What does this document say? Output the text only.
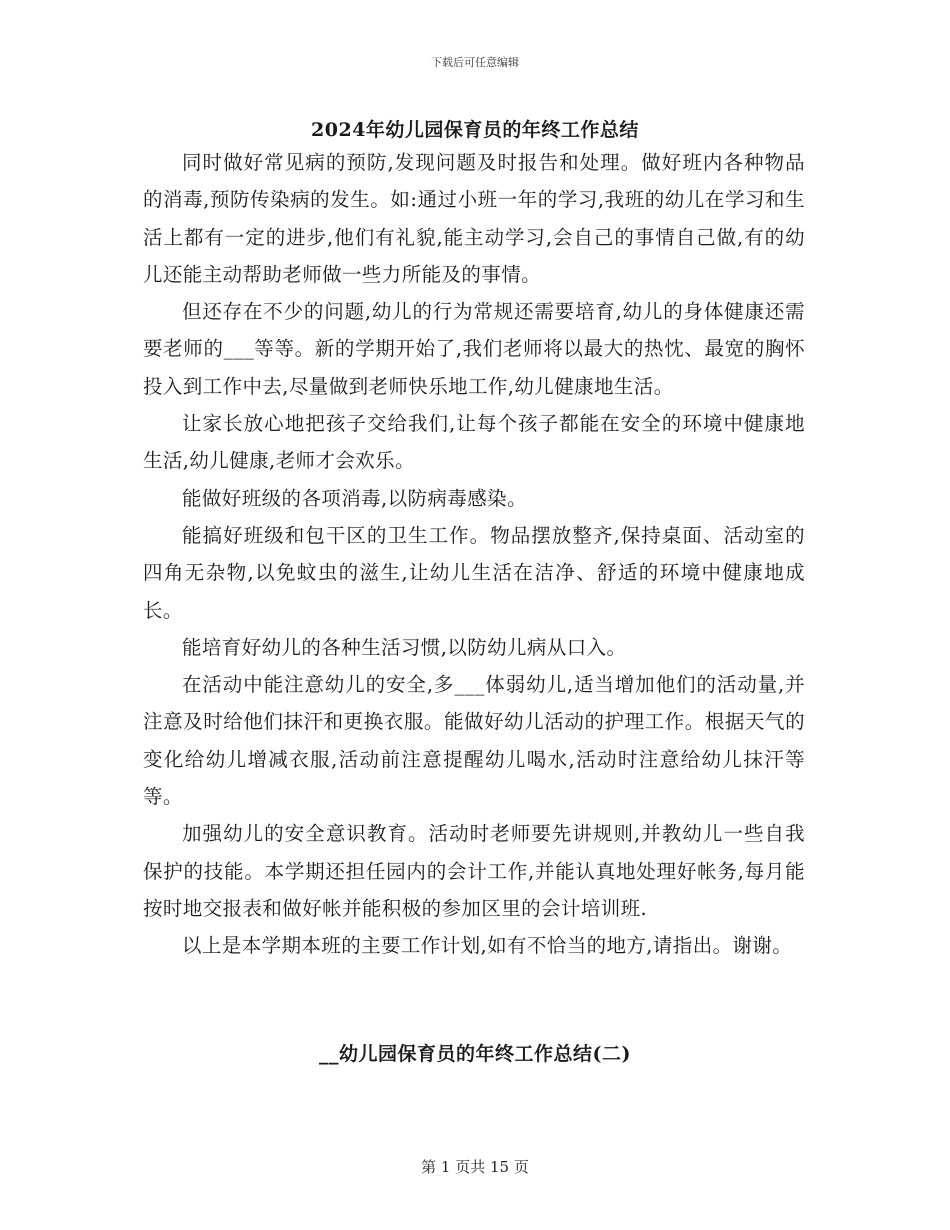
下载后可任意编辑
2024年幼儿园保育员的年终工作总结

同时做好常见病的预防,发现问题及时报告和处理。做好班内各种物品的消毒,预防传染病的发生。如:通过小班一年的学习,我班的幼儿在学习和生活上都有一定的进步,他们有礼貌,能主动学习,会自己的事情自己做,有的幼儿还能主动帮助老师做一些力所能及的事情。

但还存在不少的问题,幼儿的行为常规还需要培育,幼儿的身体健康还需要老师的___等等。新的学期开始了,我们老师将以最大的热忱、最宽的胸怀投入到工作中去,尽量做到老师快乐地工作,幼儿健康地生活。

让家长放心地把孩子交给我们,让每个孩子都能在安全的环境中健康地生活,幼儿健康,老师才会欢乐。

能做好班级的各项消毒,以防病毒感染。

能搞好班级和包干区的卫生工作。物品摆放整齐,保持桌面、活动室的四角无杂物,以免蚊虫的滋生,让幼儿生活在洁净、舒适的环境中健康地成长。

能培育好幼儿的各种生活习惯,以防幼儿病从口入。

在活动中能注意幼儿的安全,多___体弱幼儿,适当增加他们的活动量,并注意及时给他们抹汗和更换衣服。能做好幼儿活动的护理工作。根据天气的变化给幼儿增减衣服,活动前注意提醒幼儿喝水,活动时注意给幼儿抹汗等等。

加强幼儿的安全意识教育。活动时老师要先讲规则,并教幼儿一些自我保护的技能。本学期还担任园内的会计工作,并能认真地处理好帐务,每月能按时地交报表和做好帐并能积极的参加区里的会计培训班.

以上是本学期本班的主要工作计划,如有不恰当的地方,请指出。谢谢。

__幼儿园保育员的年终工作总结(二)
第 1 页共 15 页
